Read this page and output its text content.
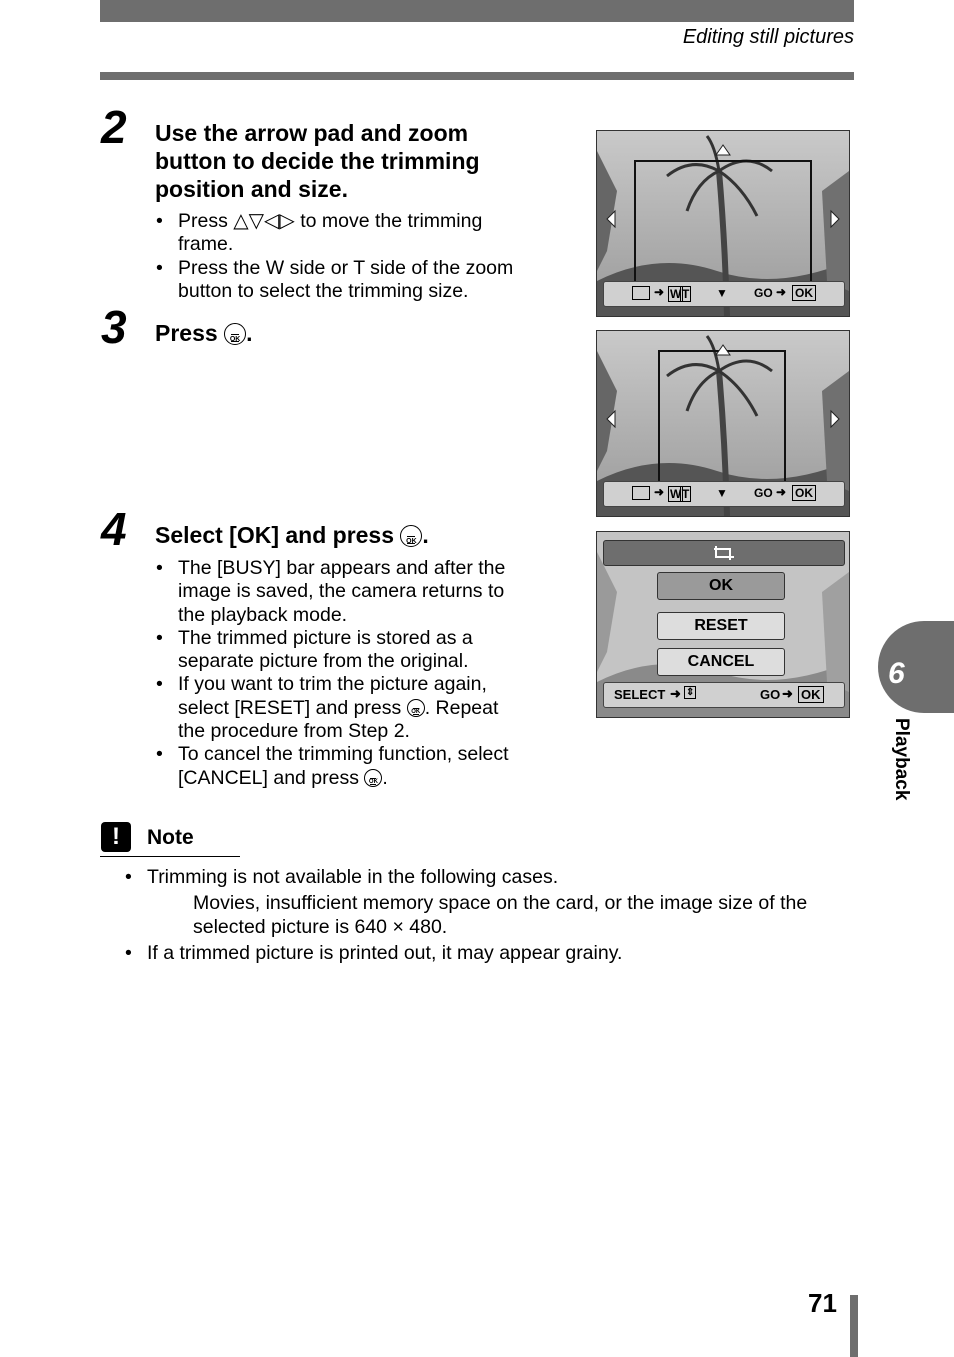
Editing still pictures
2 Use the arrow pad and zoom
button to decide the trimming
position and size.
• Press △▽◁▷ to move the trimming
frame.
• Press the W side or T side of the zoom
button to select the trimming size.
3 Press OK .
4 Select [OK] and press OK .
• The [BUSY] bar appears and after the
image is saved, the camera returns to
the playback mode.
• The trimmed picture is stored as a
separate picture from the original.
• If you want to trim the picture again,
select [RESET] and press OK . Repeat
the procedure from Step 2.
• To cancel the trimming function, select
[CANCEL] and press OK .
➜ W T ▼ GO ➜ OK
➜ W T ▼ GO ➜ OK
OK
RESET
CANCEL
SELECT ➜ ⇕	GO ➜ OK
!	Note
• Trimming is not available in the following cases.
Movies, insufficient memory space on the card, or the image size of the
selected picture is 640 × 480.
• If a trimmed picture is printed out, it may appear grainy.
6
Playback
71
